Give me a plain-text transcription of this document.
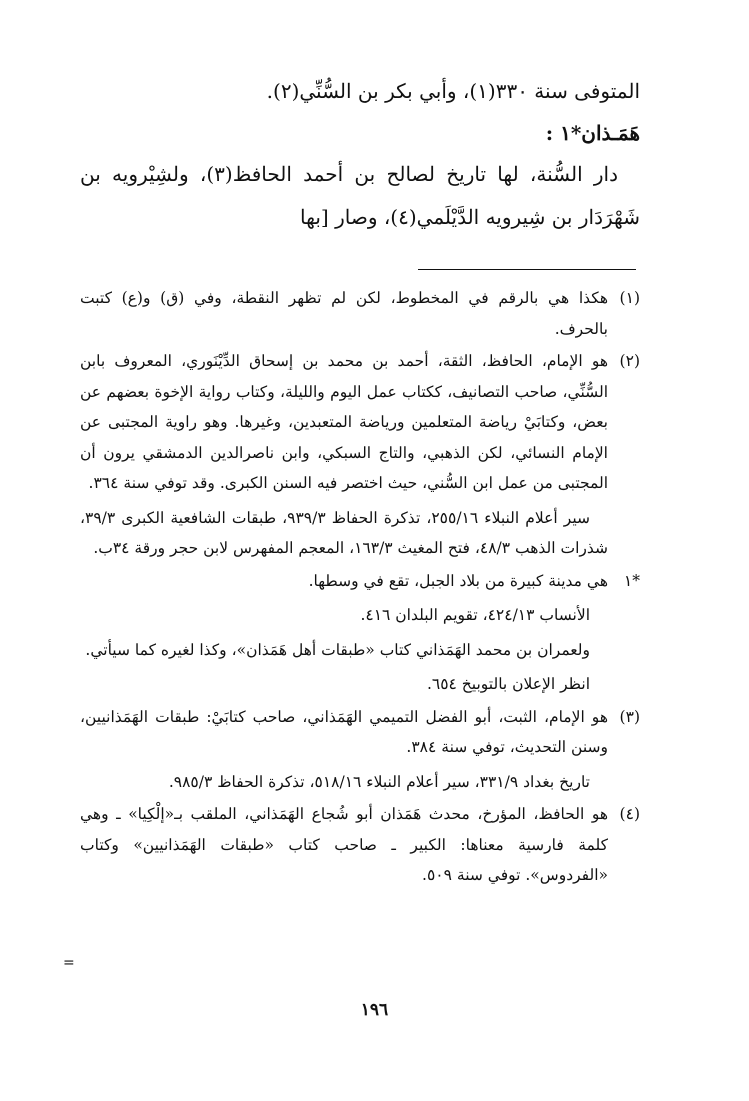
المتوفى سنة ٣٣٠(١)، وأبي بكر بن السُّنِّي(٢).

هَمَـذان*١ :

دار السُّنة، لها تاريخ لصالح بن أحمد الحافظ(٣)، ولشِيْرويه بن شَهْرَدَار بن شِيرويه الدَّيْلَمي(٤)، وصار [بها

(١)
هكذا هي بالرقم في المخطوط، لكن لم تظهر النقطة، وفي (ق) و(ع) كتبت بالحرف.

(٢)
هو الإمام، الحافظ، الثقة، أحمد بن محمد بن إسحاق الدِّيْنَوري، المعروف بابن السُّنِّي، صاحب التصانيف، ككتاب عمل اليوم والليلة، وكتاب رواية الإخوة بعضهم عن بعض، وكتابَيْ رياضة المتعلمين ورياضة المتعبدين، وغيرها. وهو راوية المجتبى عن الإمام النسائي، لكن الذهبي، والتاج السبكي، وابن ناصرالدين الدمشقي يرون أن المجتبى من عمل ابن السُّني، حيث اختصر فيه السنن الكبرى. وقد توفي سنة ٣٦٤.

سير أعلام النبلاء ٢٥٥/١٦، تذكرة الحفاظ ٩٣٩/٣، طبقات الشافعية الكبرى ٣٩/٣، شذرات الذهب ٤٨/٣، فتح المغيث ١٦٣/٣، المعجم المفهرس لابن حجر ورقة ٣٤ب.

*١
هي مدينة كبيرة من بلاد الجبل، تقع في وسطها.

الأنساب ٤٢٤/١٣، تقويم البلدان ٤١٦.

ولعمران بن محمد الهَمَذاني كتاب «طبقات أهل هَمَذان»، وكذا لغيره كما سيأتي.

انظر الإعلان بالتوبيخ ٦٥٤.

(٣)
هو الإمام، الثبت، أبو الفضل التميمي الهَمَذاني، صاحب كتابَيْ: طبقات الهَمَذانيين، وسنن التحديث، توفي سنة ٣٨٤.

تاريخ بغداد ٣٣١/٩، سير أعلام النبلاء ٥١٨/١٦، تذكرة الحفاظ ٩٨٥/٣.

(٤)
هو الحافظ، المؤرخ، محدث هَمَذان أبو شُجاع الهَمَذاني، الملقب بـ«إلْكِيا» ـ وهي كلمة فارسية معناها: الكبير ـ صاحب كتاب «طبقات الهَمَذانيين» وكتاب «الفردوس». توفي سنة ٥٠٩.

=
١٩٦
